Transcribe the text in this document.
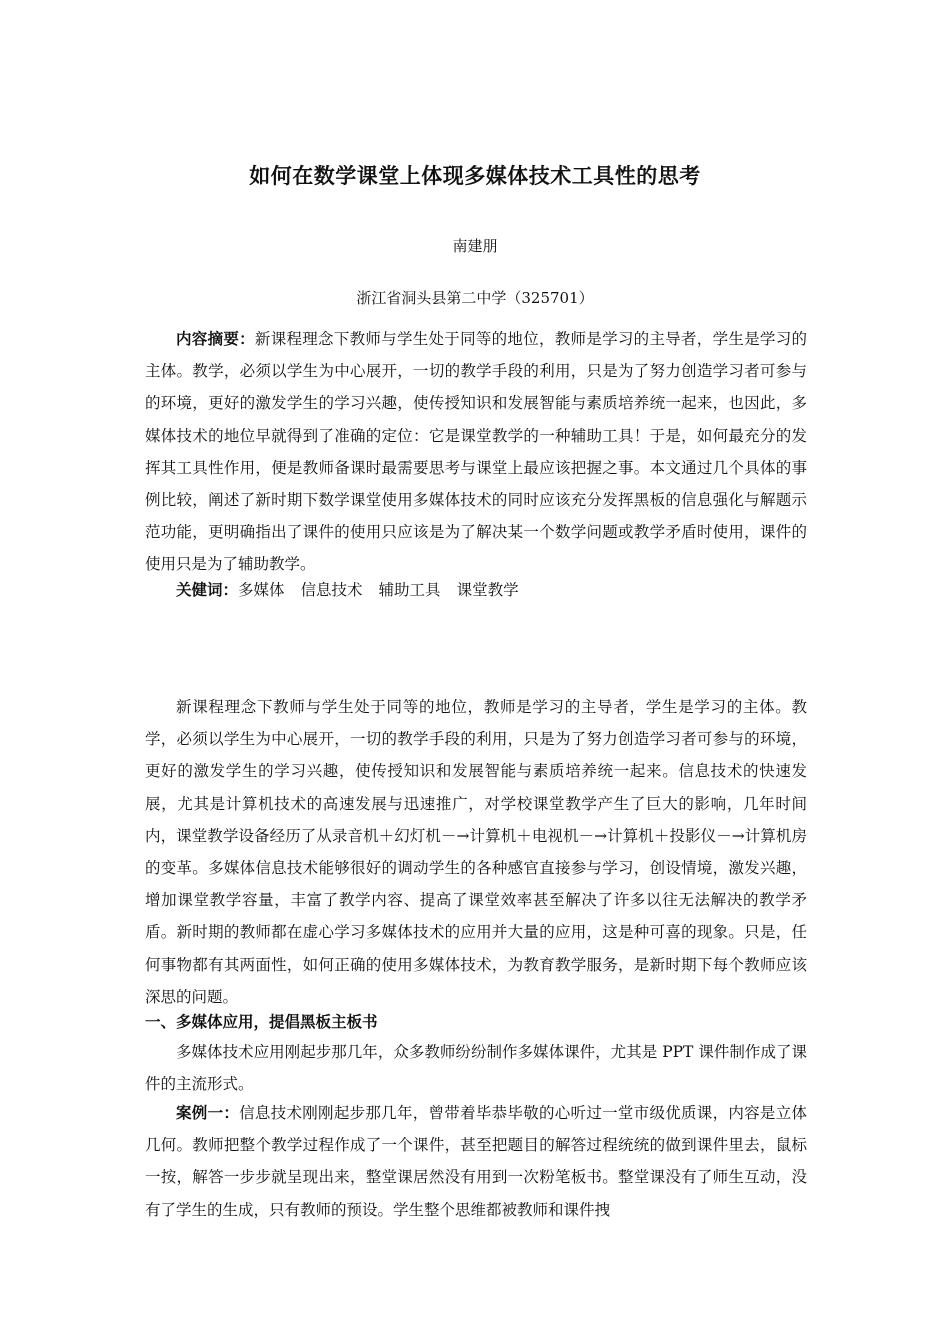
如何在数学课堂上体现多媒体技术工具性的思考
南建朋
浙江省洞头县第二中学（325701）
内容摘要：新课程理念下教师与学生处于同等的地位，教师是学习的主导者，学生是学习的主体。教学，必须以学生为中心展开，一切的教学手段的利用，只是为了努力创造学习者可参与的环境，更好的激发学生的学习兴趣，使传授知识和发展智能与素质培养统一起来，也因此，多媒体技术的地位早就得到了准确的定位：它是课堂教学的一种辅助工具！于是，如何最充分的发挥其工具性作用，便是教师备课时最需要思考与课堂上最应该把握之事。本文通过几个具体的事例比较，阐述了新时期下数学课堂使用多媒体技术的同时应该充分发挥黑板的信息强化与解题示范功能，更明确指出了课件的使用只应该是为了解决某一个数学问题或教学矛盾时使用，课件的使用只是为了辅助教学。
关健词：多媒体 信息技术 辅助工具 课堂教学
新课程理念下教师与学生处于同等的地位，教师是学习的主导者，学生是学习的主体。教学，必须以学生为中心展开，一切的教学手段的利用，只是为了努力创造学习者可参与的环境，更好的激发学生的学习兴趣，使传授知识和发展智能与素质培养统一起来。信息技术的快速发展，尤其是计算机技术的高速发展与迅速推广，对学校课堂教学产生了巨大的影响，几年时间内，课堂教学设备经历了从录音机＋幻灯机－→计算机＋电视机－→计算机＋投影仪－→计算机房的变革。多媒体信息技术能够很好的调动学生的各种感官直接参与学习，创设情境，激发兴趣，增加课堂教学容量，丰富了教学内容、提高了课堂效率甚至解决了许多以往无法解决的教学矛盾。新时期的教师都在虚心学习多媒体技术的应用并大量的应用，这是种可喜的现象。只是，任何事物都有其两面性，如何正确的使用多媒体技术，为教育教学服务，是新时期下每个教师应该深思的问题。
一、多媒体应用，提倡黑板主板书
多媒体技术应用刚起步那几年，众多教师纷纷制作多媒体课件，尤其是 PPT 课件制作成了课件的主流形式。
案例一：信息技术刚刚起步那几年，曾带着毕恭毕敬的心听过一堂市级优质课，内容是立体几何。教师把整个教学过程作成了一个课件，甚至把题目的解答过程统统的做到课件里去，鼠标一按，解答一步步就呈现出来，整堂课居然没有用到一次粉笔板书。整堂课没有了师生互动，没有了学生的生成，只有教师的预设。学生整个思维都被教师和课件拽
